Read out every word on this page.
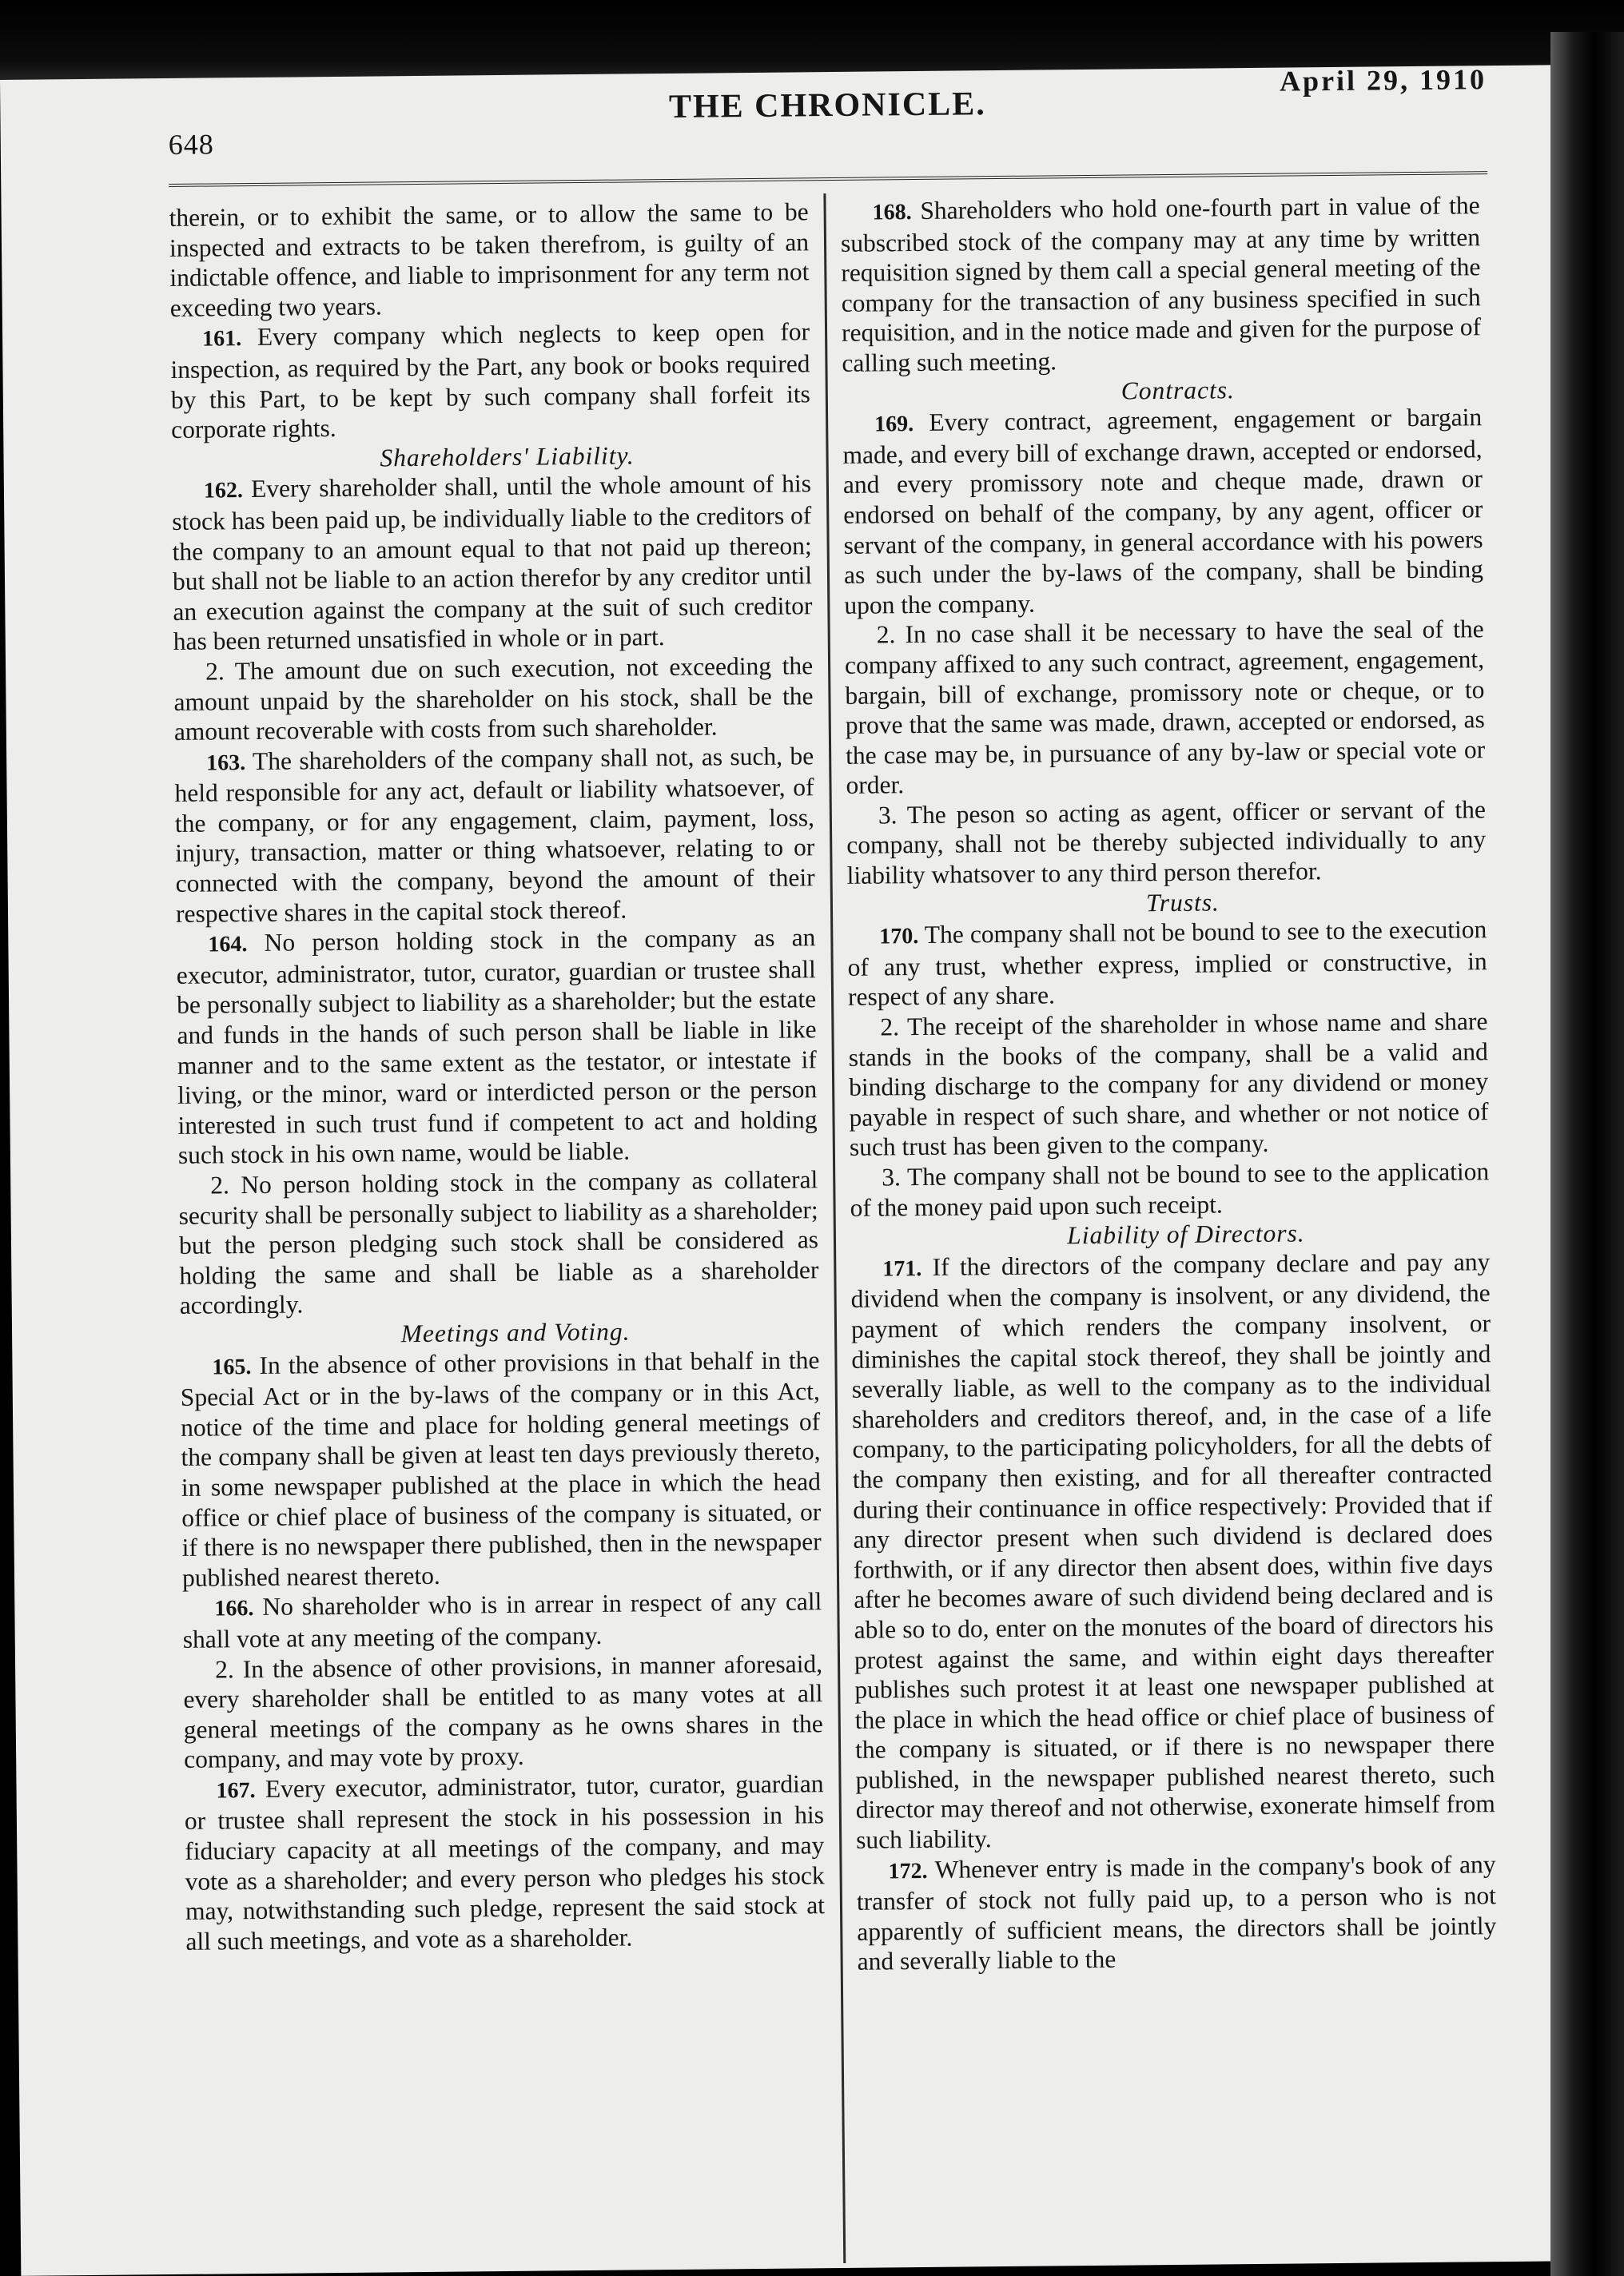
648
THE CHRONICLE.
April 29, 1910

therein, or to exhibit the same, or to allow the same to be inspected and extracts to be taken therefrom, is guilty of an indictable offence, and liable to imprisonment for any term not exceeding two years.

161. Every company which neglects to keep open for inspection, as required by the Part, any book or books required by this Part, to be kept by such company shall forfeit its corporate rights.

Shareholders' Liability.

162. Every shareholder shall, until the whole amount of his stock has been paid up, be individually liable to the creditors of the company to an amount equal to that not paid up thereon; but shall not be liable to an action therefor by any creditor until an execution against the company at the suit of such creditor has been returned unsatisfied in whole or in part.

2. The amount due on such execution, not exceeding the amount unpaid by the shareholder on his stock, shall be the amount recoverable with costs from such shareholder.

163. The shareholders of the company shall not, as such, be held responsible for any act, default or liability whatsoever, of the company, or for any engagement, claim, payment, loss, injury, transaction, matter or thing whatsoever, relating to or connected with the company, beyond the amount of their respective shares in the capital stock thereof.

164. No person holding stock in the company as an executor, administrator, tutor, curator, guardian or trustee shall be personally subject to liability as a shareholder; but the estate and funds in the hands of such person shall be liable in like manner and to the same extent as the testator, or intestate if living, or the minor, ward or interdicted person or the person interested in such trust fund if competent to act and holding such stock in his own name, would be liable.

2. No person holding stock in the company as collateral security shall be personally subject to liability as a shareholder; but the person pledging such stock shall be considered as holding the same and shall be liable as a shareholder accordingly.

Meetings and Voting.

165. In the absence of other provisions in that behalf in the Special Act or in the by-laws of the company or in this Act, notice of the time and place for holding general meetings of the company shall be given at least ten days previously thereto, in some newspaper published at the place in which the head office or chief place of business of the company is situated, or if there is no newspaper there published, then in the newspaper published nearest thereto.

166. No shareholder who is in arrear in respect of any call shall vote at any meeting of the company.

2. In the absence of other provisions, in manner aforesaid, every shareholder shall be entitled to as many votes at all general meetings of the company as he owns shares in the company, and may vote by proxy.

167. Every executor, administrator, tutor, curator, guardian or trustee shall represent the stock in his possession in his fiduciary capacity at all meetings of the company, and may vote as a shareholder; and every person who pledges his stock may, notwithstanding such pledge, represent the said stock at all such meetings, and vote as a shareholder.

168. Shareholders who hold one-fourth part in value of the subscribed stock of the company may at any time by written requisition signed by them call a special general meeting of the company for the transaction of any business specified in such requisition, and in the notice made and given for the purpose of calling such meeting.

Contracts.

169. Every contract, agreement, engagement or bargain made, and every bill of exchange drawn, accepted or endorsed, and every promissory note and cheque made, drawn or endorsed on behalf of the company, by any agent, officer or servant of the company, in general accordance with his powers as such under the by-laws of the company, shall be binding upon the company.

2. In no case shall it be necessary to have the seal of the company affixed to any such contract, agreement, engagement, bargain, bill of exchange, promissory note or cheque, or to prove that the same was made, drawn, accepted or endorsed, as the case may be, in pursuance of any by-law or special vote or order.

3. The peson so acting as agent, officer or servant of the company, shall not be thereby subjected individually to any liability whatsover to any third person therefor.

Trusts.

170. The company shall not be bound to see to the execution of any trust, whether express, implied or constructive, in respect of any share.

2. The receipt of the shareholder in whose name and share stands in the books of the company, shall be a valid and binding discharge to the company for any dividend or money payable in respect of such share, and whether or not notice of such trust has been given to the company.

3. The company shall not be bound to see to the application of the money paid upon such receipt.

Liability of Directors.

171. If the directors of the company declare and pay any dividend when the company is insolvent, or any dividend, the payment of which renders the company insolvent, or diminishes the capital stock thereof, they shall be jointly and severally liable, as well to the company as to the individual shareholders and creditors thereof, and, in the case of a life company, to the participating policyholders, for all the debts of the company then existing, and for all thereafter contracted during their continuance in office respectively: Provided that if any director present when such dividend is declared does forthwith, or if any director then absent does, within five days after he becomes aware of such dividend being declared and is able so to do, enter on the monutes of the board of directors his protest against the same, and within eight days thereafter publishes such protest it at least one newspaper published at the place in which the head office or chief place of business of the company is situated, or if there is no newspaper there published, in the newspaper published nearest thereto, such director may thereof and not otherwise, exonerate himself from such liability.

172. Whenever entry is made in the company's book of any transfer of stock not fully paid up, to a person who is not apparently of sufficient means, the directors shall be jointly and severally liable to the
